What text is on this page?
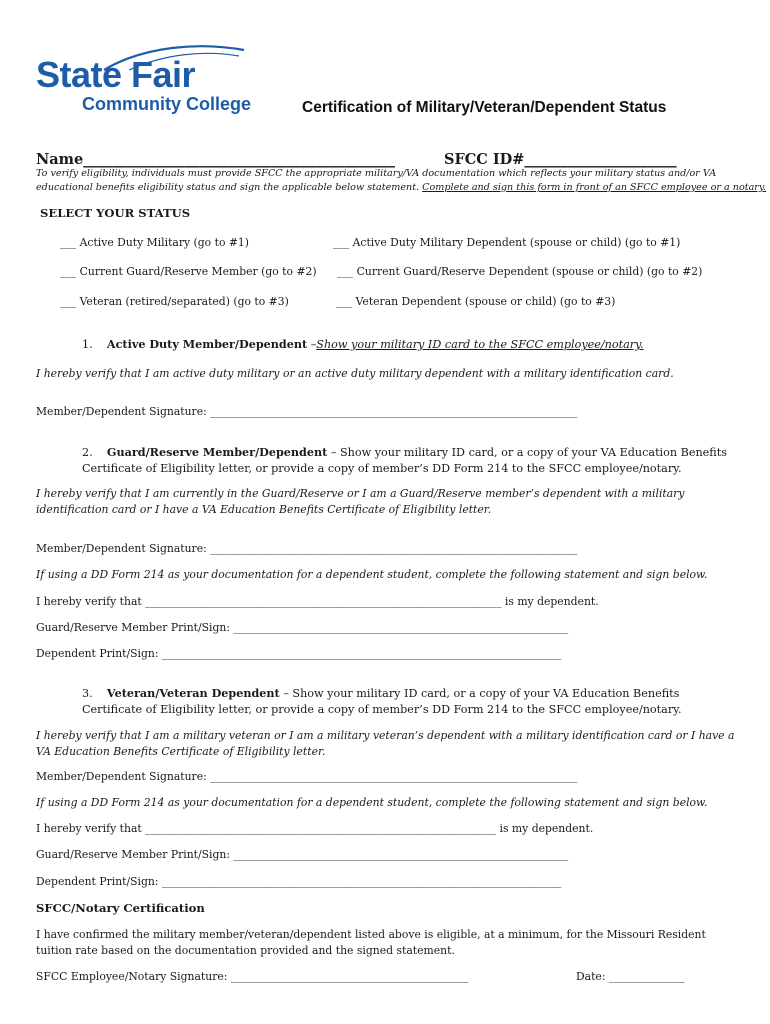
State Fair
Community College	Certification of Military/Veteran/Dependent Status
Name___________________________________________	SFCC ID#_____________________
To verify eligibility, individuals must provide SFCC the appropriate military/VA documentation which reflects your military status and/or VA educational benefits eligibility status and sign the applicable below statement. Complete and sign this form in front of an SFCC employee or a notary.
SELECT YOUR STATUS
___ Active Duty Military (go to #1)	___ Active Duty Military Dependent (spouse or child) (go to #1)
___ Current Guard/Reserve Member (go to #2) ___ Current Guard/Reserve Dependent (spouse or child) (go to #2)
___ Veteran (retired/separated) (go to #3)	___ Veteran Dependent (spouse or child) (go to #3)
1. Active Duty Member/Dependent –Show your military ID card to the SFCC employee/notary.
I hereby verify that I am active duty military or an active duty military dependent with a military identification card.
Member/Dependent Signature: ____________________________________________________________________
2. Guard/Reserve Member/Dependent – Show your military ID card, or a copy of your VA Education Benefits Certificate of Eligibility letter, or provide a copy of member’s DD Form 214 to the SFCC employee/notary.
I hereby verify that I am currently in the Guard/Reserve or I am a Guard/Reserve member’s dependent with a military identification card or I have a VA Education Benefits Certificate of Eligibility letter.
Member/Dependent Signature: ____________________________________________________________________
If using a DD Form 214 as your documentation for a dependent student, complete the following statement and sign below.
I hereby verify that __________________________________________________________________ is my dependent.
Guard/Reserve Member Print/Sign: ______________________________________________________________
Dependent Print/Sign: __________________________________________________________________________
3. Veteran/Veteran Dependent – Show your military ID card, or a copy of your VA Education Benefits Certificate of Eligibility letter, or provide a copy of member’s DD Form 214 to the SFCC employee/notary.
I hereby verify that I am a military veteran or I am a military veteran’s dependent with a military identification card or I have a VA Education Benefits Certificate of Eligibility letter.
Member/Dependent Signature: ____________________________________________________________________
If using a DD Form 214 as your documentation for a dependent student, complete the following statement and sign below.
I hereby verify that _________________________________________________________________ is my dependent.
Guard/Reserve Member Print/Sign: ______________________________________________________________
Dependent Print/Sign: __________________________________________________________________________
SFCC/Notary Certification
I have confirmed the military member/veteran/dependent listed above is eligible, at a minimum, for the Missouri Resident tuition rate based on the documentation provided and the signed statement.
SFCC Employee/Notary Signature: ____________________________________________	Date: ______________
